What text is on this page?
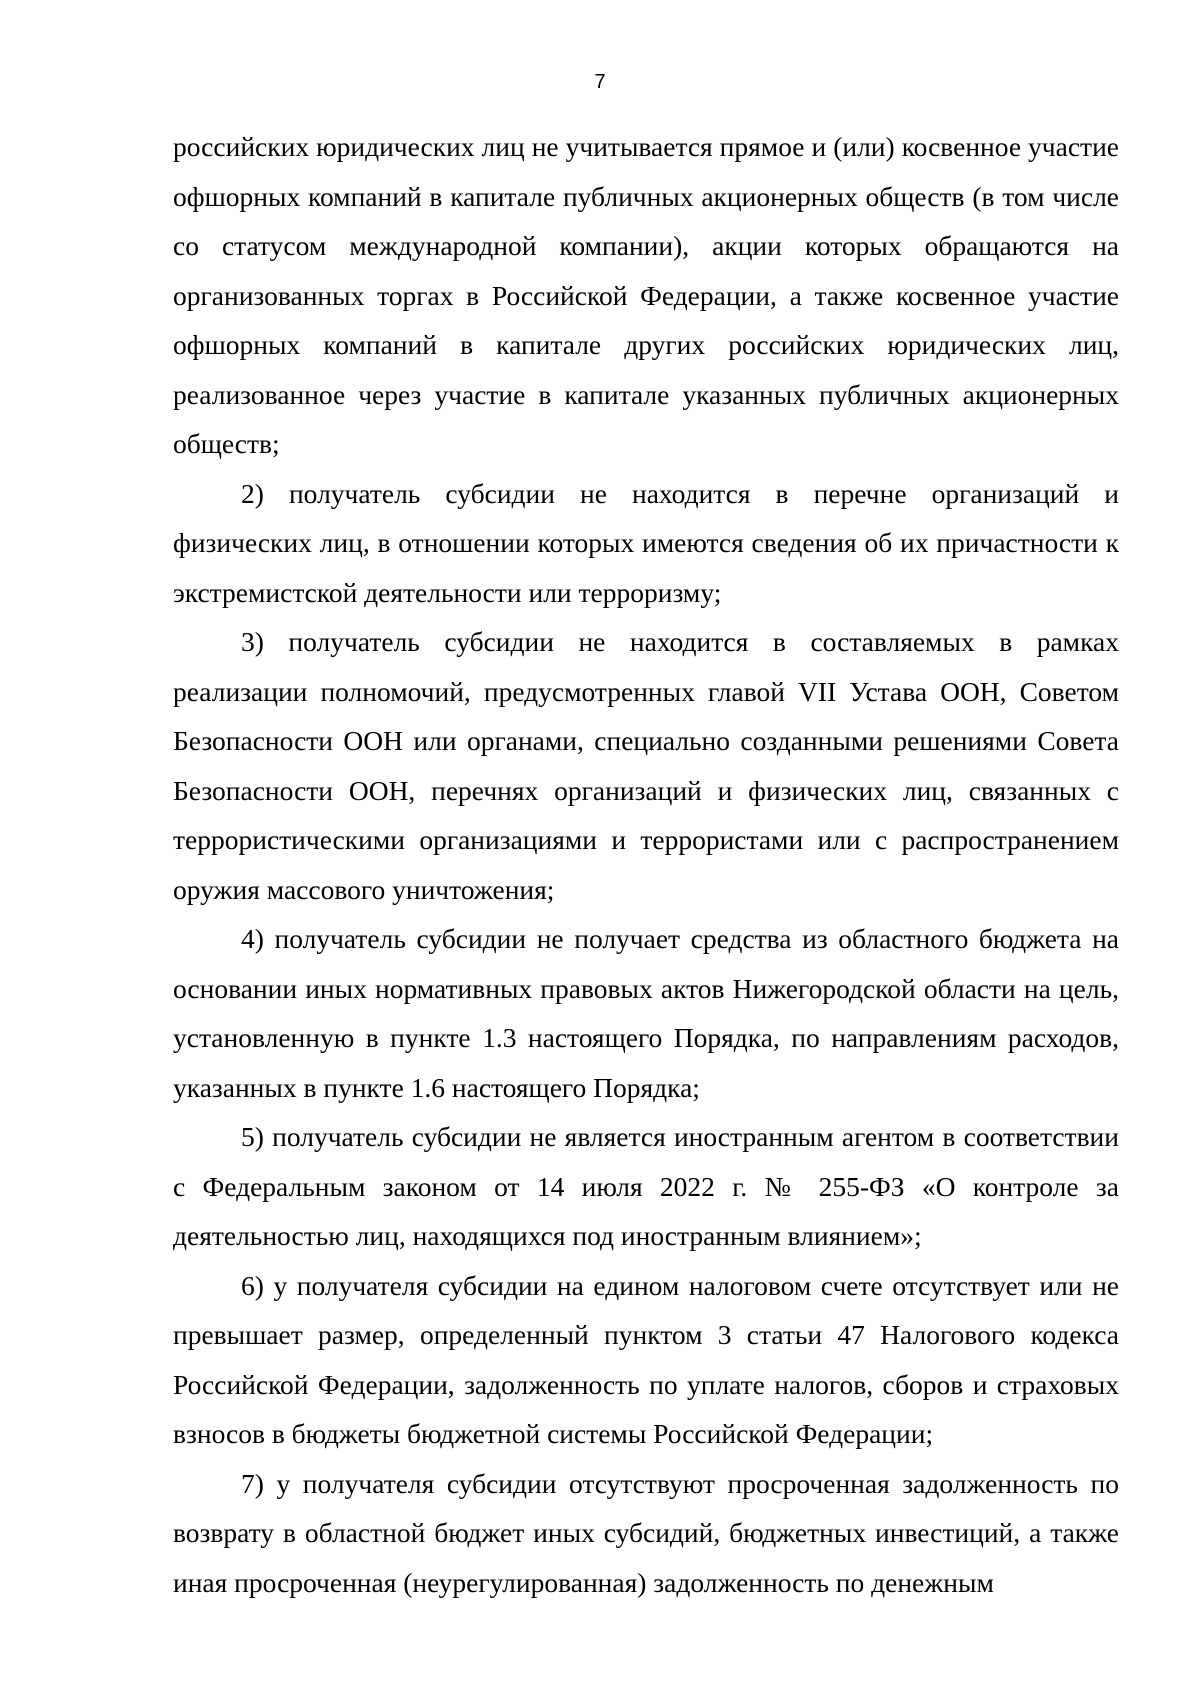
7

российских юридических лиц не учитывается прямое и (или) косвенное участие офшорных компаний в капитале публичных акционерных обществ (в том числе со статусом международной компании), акции которых обращаются на организованных торгах в Российской Федерации, а также косвенное участие офшорных компаний в капитале других российских юридических лиц, реализованное через участие в капитале указанных публичных акционерных обществ;

2) получатель субсидии не находится в перечне организаций и физических лиц, в отношении которых имеются сведения об их причастности к экстремистской деятельности или терроризму;

3) получатель субсидии не находится в составляемых в рамках реализации полномочий, предусмотренных главой VII Устава ООН, Советом Безопасности ООН или органами, специально созданными решениями Совета Безопасности ООН, перечнях организаций и физических лиц, связанных с террористическими организациями и террористами или с распространением оружия массового уничтожения;

4) получатель субсидии не получает средства из областного бюджета на основании иных нормативных правовых актов Нижегородской области на цель, установленную в пункте 1.3 настоящего Порядка, по направлениям расходов, указанных в пункте 1.6 настоящего Порядка;

5) получатель субсидии не является иностранным агентом в соответствии с Федеральным законом от 14 июля 2022 г. № 255-ФЗ «О контроле за деятельностью лиц, находящихся под иностранным влиянием»;

6) у получателя субсидии на едином налоговом счете отсутствует или не превышает размер, определенный пунктом 3 статьи 47 Налогового кодекса Российской Федерации, задолженность по уплате налогов, сборов и страховых взносов в бюджеты бюджетной системы Российской Федерации;

7) у получателя субсидии отсутствуют просроченная задолженность по возврату в областной бюджет иных субсидий, бюджетных инвестиций, а также иная просроченная (неурегулированная) задолженность по денежным
